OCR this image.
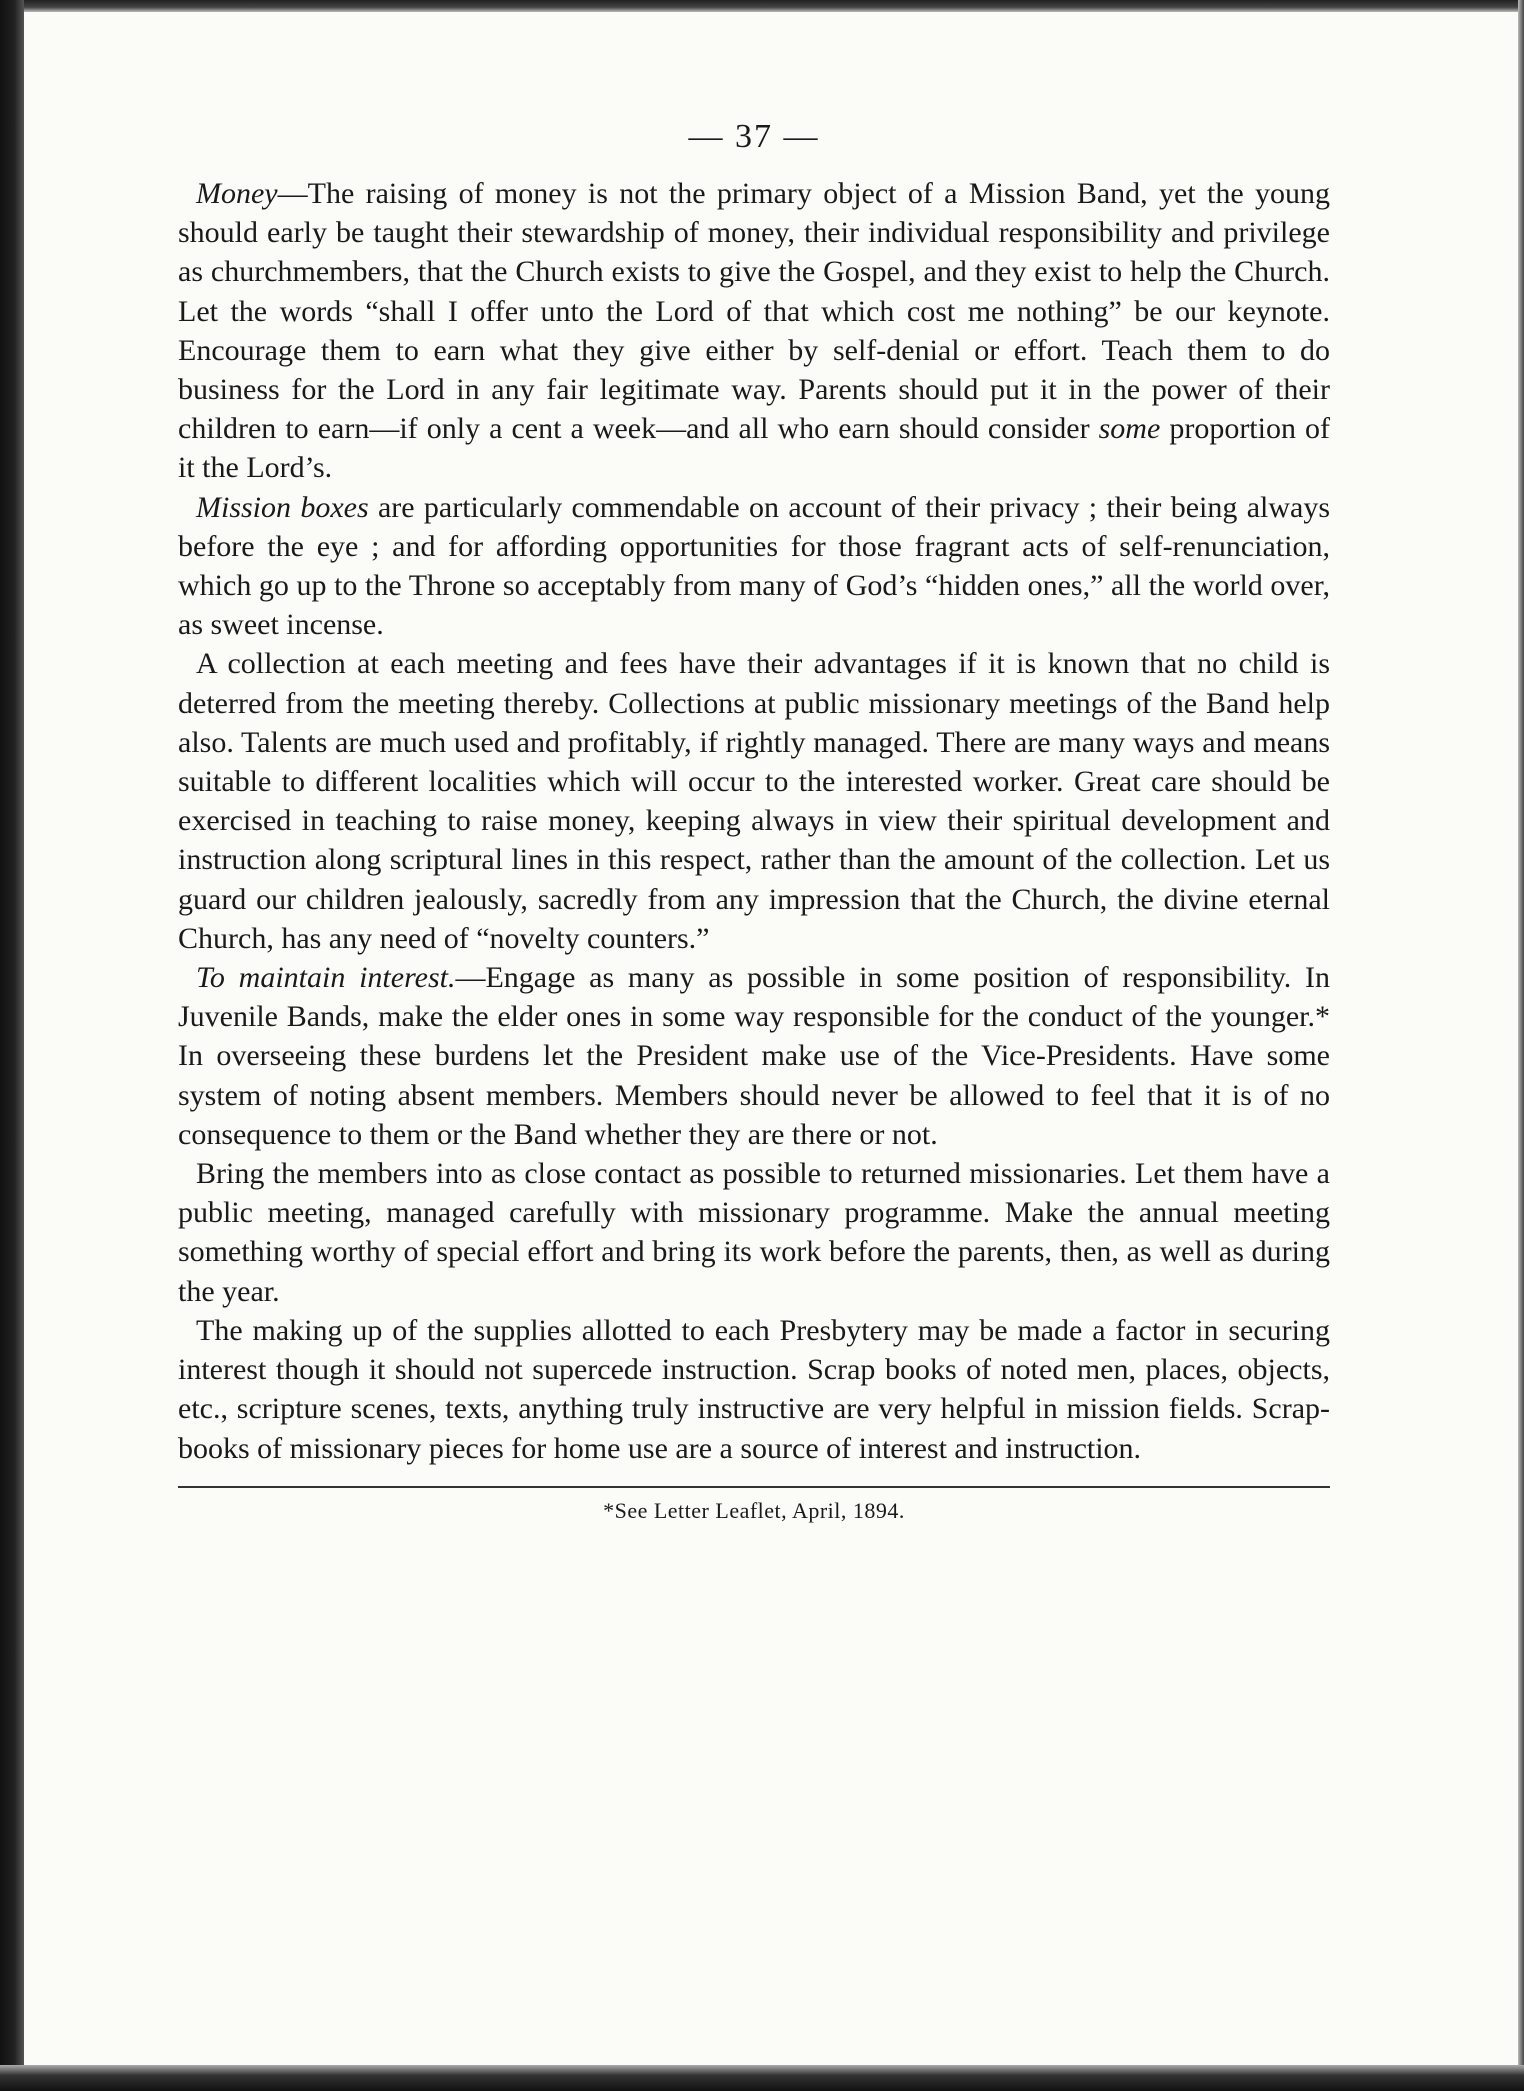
— 37 —

Money—The raising of money is not the primary object of a Mission Band, yet the young should early be taught their stewardship of money, their individual responsibility and privilege as churchmembers, that the Church exists to give the Gospel, and they exist to help the Church. Let the words “shall I offer unto the Lord of that which cost me nothing” be our keynote. Encourage them to earn what they give either by self-denial or effort. Teach them to do business for the Lord in any fair legitimate way. Parents should put it in the power of their children to earn—if only a cent a week—and all who earn should consider some proportion of it the Lord’s.

Mission boxes are particularly commendable on account of their privacy ; their being always before the eye ; and for affording opportunities for those fragrant acts of self-renunciation, which go up to the Throne so acceptably from many of God’s “hidden ones,” all the world over, as sweet incense.

A collection at each meeting and fees have their advantages if it is known that no child is deterred from the meeting thereby. Collections at public missionary meetings of the Band help also. Talents are much used and profitably, if rightly managed. There are many ways and means suitable to different localities which will occur to the interested worker. Great care should be exercised in teaching to raise money, keeping always in view their spiritual development and instruction along scriptural lines in this respect, rather than the amount of the collection. Let us guard our children jealously, sacredly from any impression that the Church, the divine eternal Church, has any need of “novelty counters.”

To maintain interest.—Engage as many as possible in some position of responsibility. In Juvenile Bands, make the elder ones in some way responsible for the conduct of the younger.* In overseeing these burdens let the President make use of the Vice-Presidents. Have some system of noting absent members. Members should never be allowed to feel that it is of no consequence to them or the Band whether they are there or not.

Bring the members into as close contact as possible to returned missionaries. Let them have a public meeting, managed carefully with missionary programme. Make the annual meeting something worthy of special effort and bring its work before the parents, then, as well as during the year.

The making up of the supplies allotted to each Presbytery may be made a factor in securing interest though it should not supercede instruction. Scrap books of noted men, places, objects, etc., scripture scenes, texts, anything truly instructive are very helpful in mission fields. Scrap-books of missionary pieces for home use are a source of interest and instruction.

*See Letter Leaflet, April, 1894.
